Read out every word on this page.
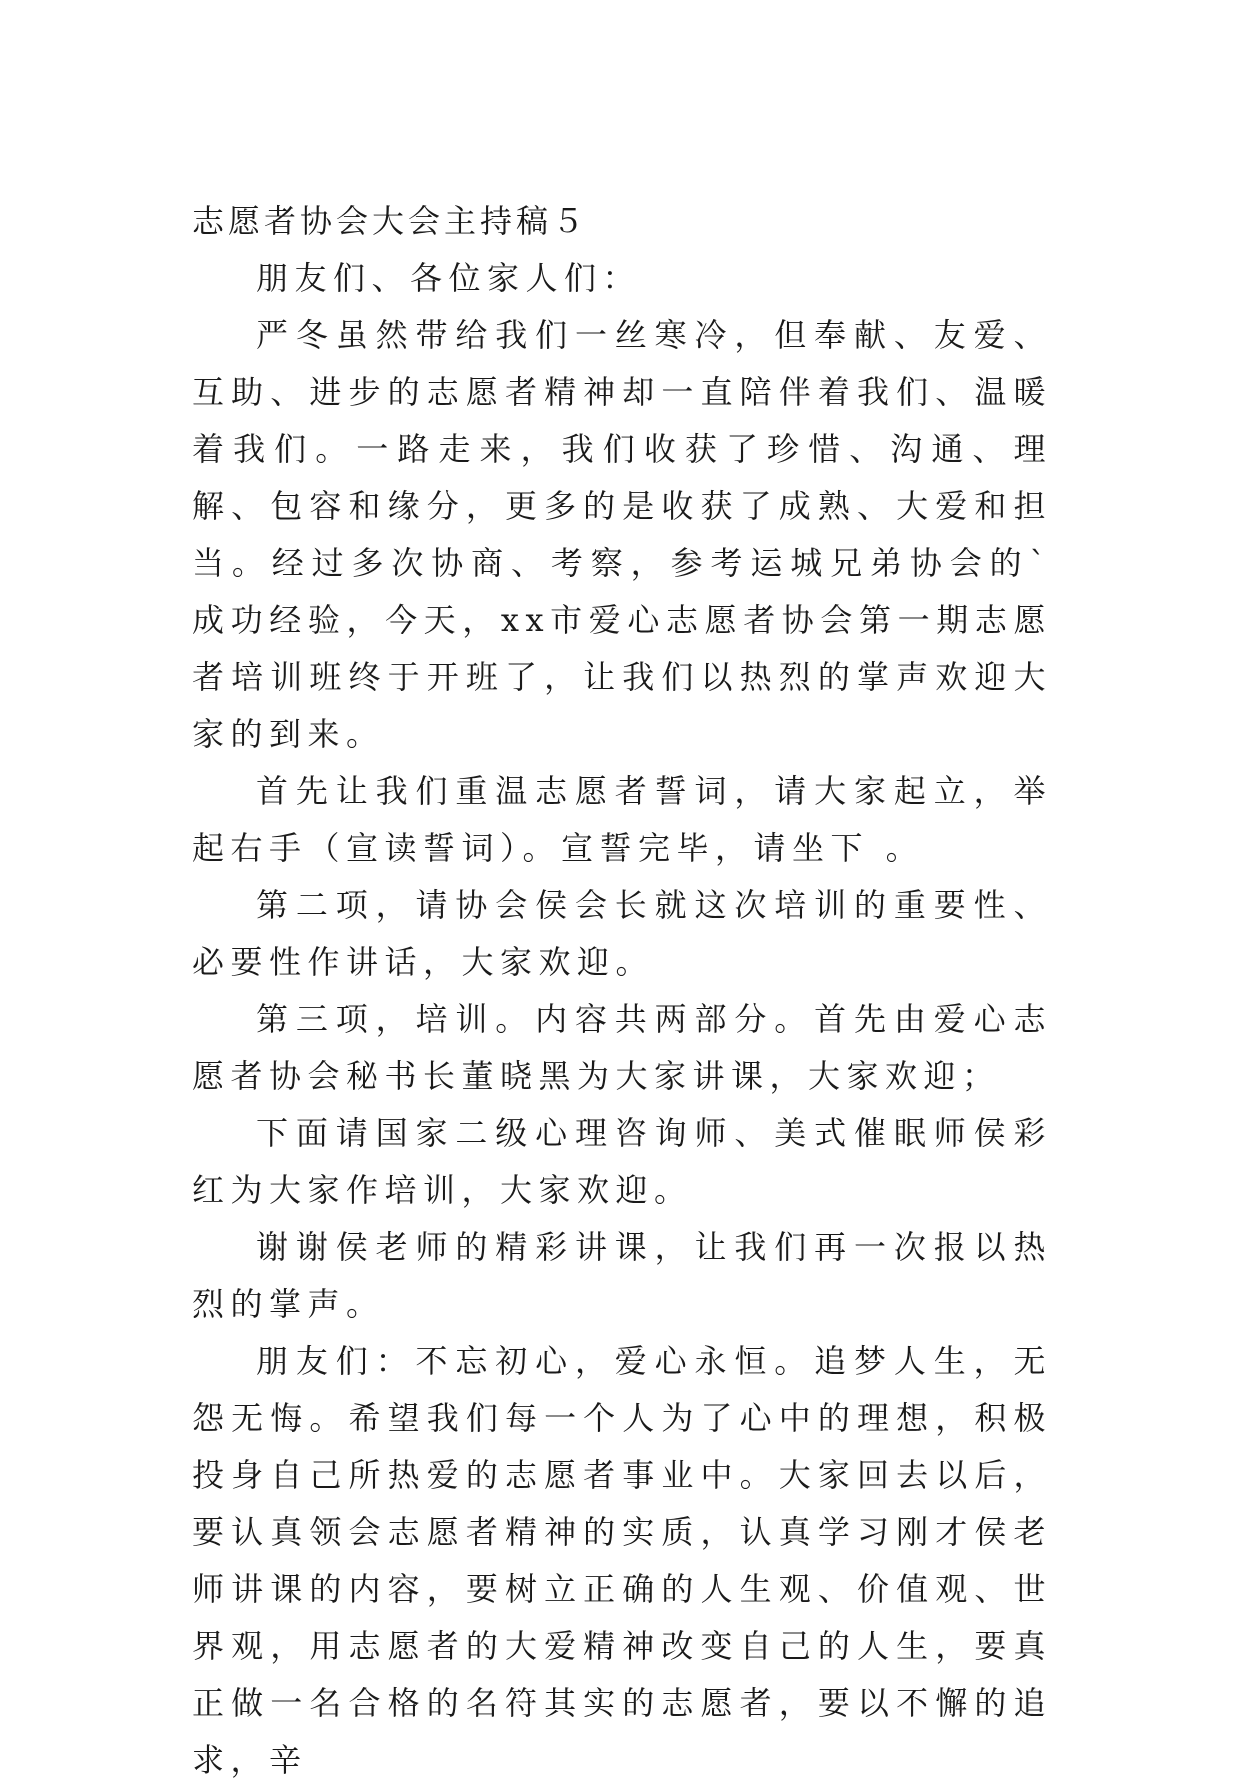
志愿者协会大会主持稿５

朋友们、各位家人们：

严冬虽然带给我们一丝寒冷，但奉献、友爱、互助、进步的志愿者精神却一直陪伴着我们、温暖着我们。一路走来，我们收获了珍惜、沟通、理解、包容和缘分，更多的是收获了成熟、大爱和担当。经过多次协商、考察，参考运城兄弟协会的`成功经验，今天，xx市爱心志愿者协会第一期志愿者培训班终于开班了，让我们以热烈的掌声欢迎大家的到来。

首先让我们重温志愿者誓词，请大家起立，举起右手（宣读誓词）。宣誓完毕，请坐下 。

第二项，请协会侯会长就这次培训的重要性、必要性作讲话，大家欢迎。

第三项，培训。内容共两部分。首先由爱心志愿者协会秘书长董晓黑为大家讲课，大家欢迎；

下面请国家二级心理咨询师、美式催眠师侯彩红为大家作培训，大家欢迎。

谢谢侯老师的精彩讲课，让我们再一次报以热烈的掌声。

朋友们：不忘初心，爱心永恒。追梦人生，无怨无悔。希望我们每一个人为了心中的理想，积极投身自己所热爱的志愿者事业中。大家回去以后，要认真领会志愿者精神的实质，认真学习刚才侯老师讲课的内容，要树立正确的人生观、价值观、世界观，用志愿者的大爱精神改变自己的人生，要真正做一名合格的名符其实的志愿者，要以不懈的追求，辛
